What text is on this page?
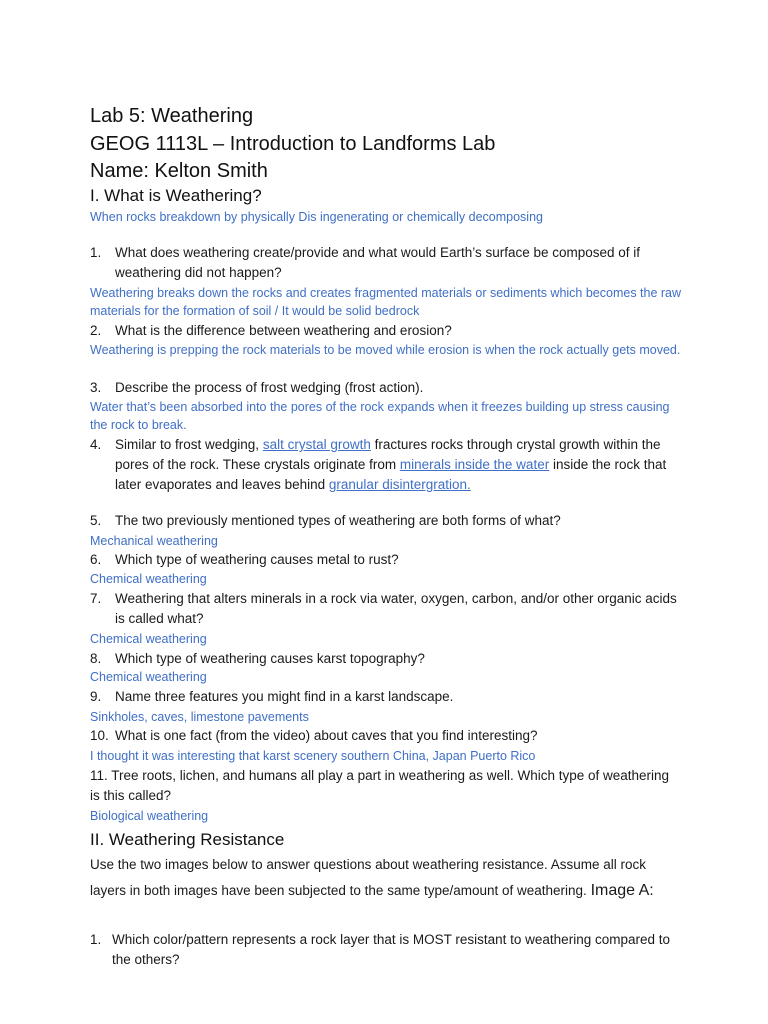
Lab 5: Weathering
GEOG 1113L – Introduction to Landforms Lab
Name: Kelton Smith
I. What is Weathering?
When rocks breakdown by physically Dis ingenerating or chemically decomposing
1.	What does weathering create/provide and what would Earth’s surface be composed of if weathering did not happen?
Weathering breaks down the rocks and creates fragmented materials or sediments which becomes the raw materials for the formation of soil / It would be solid bedrock
2.	What is the difference between weathering and erosion?
Weathering is prepping the rock materials to be moved while erosion is when the rock actually gets moved.
3.	Describe the process of frost wedging (frost action).
Water that’s been absorbed into the pores of the rock expands when it freezes building up stress causing the rock to break.
4.	Similar to frost wedging, salt crystal growth fractures rocks through crystal growth within the pores of the rock. These crystals originate from minerals inside the water inside the rock that later evaporates and leaves behind granular disintergration.
5.	The two previously mentioned types of weathering are both forms of what?
Mechanical weathering
6.	Which type of weathering causes metal to rust?
Chemical weathering
7.	Weathering that alters minerals in a rock via water, oxygen, carbon, and/or other organic acids is called what?
Chemical weathering
8.	Which type of weathering causes karst topography?
Chemical weathering
9.	Name three features you might find in a karst landscape.
Sinkholes, caves, limestone pavements
10. What is one fact (from the video) about caves that you find interesting?
I thought it was interesting that karst scenery southern China, Japan Puerto Rico
11. Tree roots, lichen, and humans all play a part in weathering as well. Which type of weathering is this called?
Biological weathering
II. Weathering Resistance
Use the two images below to answer questions about weathering resistance. Assume all rock layers in both images have been subjected to the same type/amount of weathering. Image A:
1. Which color/pattern represents a rock layer that is MOST resistant to weathering compared to the others?
